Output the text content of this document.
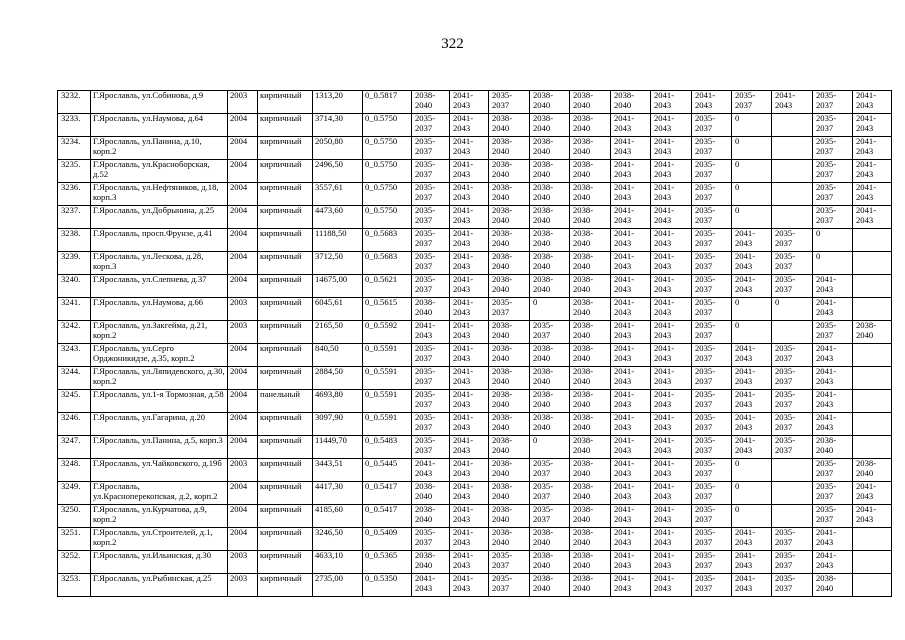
322
3232.	Г.Ярославль, ул.Собинова, д.9	2003	кирпичный	1313,20	0_0.5817	2038-2040	2041-2043	2035-2037	2038-2040	2038-2040	2038-2040	2041-2043	2041-2043	2035-2037	2041-2043	2035-2037	2041-2043
3233.	Г.Ярославль, ул.Наумова, д.64	2004	кирпичный	3714,30	0_0.5750	2035-2037	2041-2043	2038-2040	2038-2040	2038-2040	2041-2043	2041-2043	2035-2037	0		2035-2037	2041-2043
3234.	Г.Ярославль, ул.Панина, д.10, корп.2	2004	кирпичный	2050,80	0_0.5750	2035-2037	2041-2043	2038-2040	2038-2040	2038-2040	2041-2043	2041-2043	2035-2037	0		2035-2037	2041-2043
3235.	Г.Ярославль, ул.Красноборская, д.52	2004	кирпичный	2496,50	0_0.5750	2035-2037	2041-2043	2038-2040	2038-2040	2038-2040	2041-2043	2041-2043	2035-2037	0		2035-2037	2041-2043
3236.	Г.Ярославль, ул.Нефтяников, д.18, корп.3	2004	кирпичный	3557,61	0_0.5750	2035-2037	2041-2043	2038-2040	2038-2040	2038-2040	2041-2043	2041-2043	2035-2037	0		2035-2037	2041-2043
3237.	Г.Ярославль, ул.Добрынина, д.25	2004	кирпичный	4473,60	0_0.5750	2035-2037	2041-2043	2038-2040	2038-2040	2038-2040	2041-2043	2041-2043	2035-2037	0		2035-2037	2041-2043
3238.	Г.Ярославль, просп.Фрунзе, д.41	2004	кирпичный	11188,50	0_0.5683	2035-2037	2041-2043	2038-2040	2038-2040	2038-2040	2041-2043	2041-2043	2035-2037	2041-2043	2035-2037	0	
3239.	Г.Ярославль, ул.Лескова, д.28, корп.3	2004	кирпичный	3712,50	0_0.5683	2035-2037	2041-2043	2038-2040	2038-2040	2038-2040	2041-2043	2041-2043	2035-2037	2041-2043	2035-2037	0	
3240.	Г.Ярославль, ул.Слепнева, д.37	2004	кирпичный	14675,00	0_0.5621	2035-2037	2041-2043	2038-2040	2038-2040	2038-2040	2041-2043	2041-2043	2035-2037	2041-2043	2035-2037	2041-2043	
3241.	Г.Ярославль, ул.Наумова, д.66	2003	кирпичный	6045,61	0_0.5615	2038-2040	2041-2043	2035-2037	0	2038-2040	2041-2043	2041-2043	2035-2037	0	0	2041-2043	
3242.	Г.Ярославль, ул.Закгейма, д.21, корп.2	2003	кирпичный	2165,50	0_0.5592	2041-2043	2041-2043	2038-2040	2035-2037	2038-2040	2041-2043	2041-2043	2035-2037	0		2035-2037	2038-2040
3243.	Г.Ярославль, ул.Серго Орджоникидзе, д.35, корп.2	2004	кирпичный	840,50	0_0.5591	2035-2037	2041-2043	2038-2040	2038-2040	2038-2040	2041-2043	2041-2043	2035-2037	2041-2043	2035-2037	2041-2043	
3244.	Г.Ярославль, ул.Ляпидевского, д.30, корп.2	2004	кирпичный	2884,50	0_0.5591	2035-2037	2041-2043	2038-2040	2038-2040	2038-2040	2041-2043	2041-2043	2035-2037	2041-2043	2035-2037	2041-2043	
3245.	Г.Ярославль, ул.1-я Тормозная, д.58	2004	панельный	4693,80	0_0.5591	2035-2037	2041-2043	2038-2040	2038-2040	2038-2040	2041-2043	2041-2043	2035-2037	2041-2043	2035-2037	2041-2043	
3246.	Г.Ярославль, ул.Гагарина, д.20	2004	кирпичный	3097,90	0_0.5591	2035-2037	2041-2043	2038-2040	2038-2040	2038-2040	2041-2043	2041-2043	2035-2037	2041-2043	2035-2037	2041-2043	
3247.	Г.Ярославль, ул.Панина, д.5, корп.3	2004	кирпичный	11449,70	0_0.5483	2035-2037	2041-2043	2038-2040	0	2038-2040	2041-2043	2041-2043	2035-2037	2041-2043	2035-2037	2038-2040	
3248.	Г.Ярославль, ул.Чайковского, д.19б	2003	кирпичный	3443,51	0_0.5445	2041-2043	2041-2043	2038-2040	2035-2037	2038-2040	2041-2043	2041-2043	2035-2037	0		2035-2037	2038-2040
3249.	Г.Ярославль, ул.Красноперекопская, д.2, корп.2	2004	кирпичный	4417,30	0_0.5417	2038-2040	2041-2043	2038-2040	2035-2037	2038-2040	2041-2043	2041-2043	2035-2037	0		2035-2037	2041-2043
3250.	Г.Ярославль, ул.Курчатова, д.9, корп.2	2004	кирпичный	4185,60	0_0.5417	2038-2040	2041-2043	2038-2040	2035-2037	2038-2040	2041-2043	2041-2043	2035-2037	0		2035-2037	2041-2043
3251.	Г.Ярославль, ул.Строителей, д.1, корп.2	2004	кирпичный	3246,50	0_0.5409	2035-2037	2041-2043	2038-2040	2038-2040	2038-2040	2041-2043	2041-2043	2035-2037	2041-2043	2035-2037	2041-2043	
3252.	Г.Ярославль, ул.Ильинская, д.30	2003	кирпичный	4633,10	0_0.5365	2038-2040	2041-2043	2035-2037	2038-2040	2038-2040	2041-2043	2041-2043	2035-2037	2041-2043	2035-2037	2041-2043	
3253.	Г.Ярославль, ул.Рыбинская, д.25	2003	кирпичный	2735,00	0_0.5350	2041-2043	2041-2043	2035-2037	2038-2040	2038-2040	2041-2043	2041-2043	2035-2037	2041-2043	2035-2037	2038-2040	
